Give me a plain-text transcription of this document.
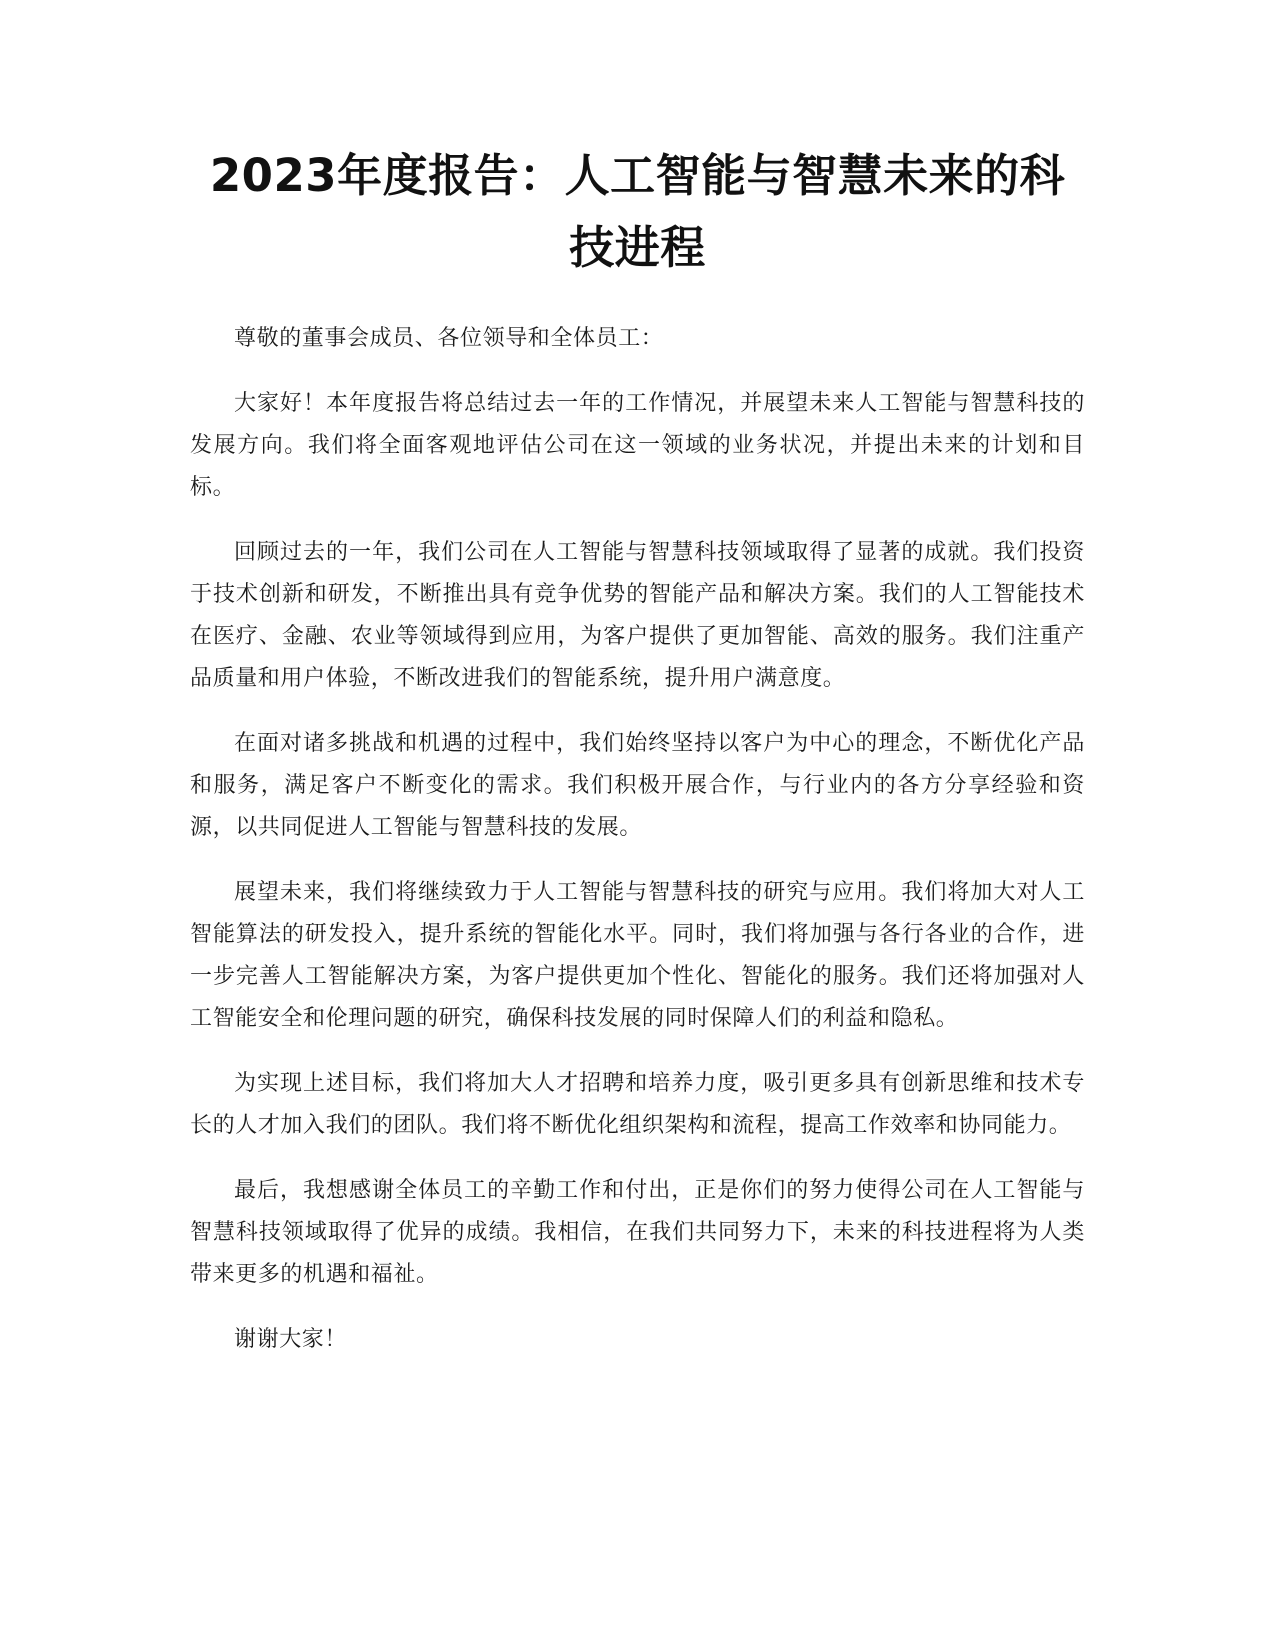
2023年度报告：人工智能与智慧未来的科技进程

尊敬的董事会成员、各位领导和全体员工：

大家好！本年度报告将总结过去一年的工作情况，并展望未来人工智能与智慧科技的发展方向。我们将全面客观地评估公司在这一领域的业务状况，并提出未来的计划和目标。

回顾过去的一年，我们公司在人工智能与智慧科技领域取得了显著的成就。我们投资于技术创新和研发，不断推出具有竞争优势的智能产品和解决方案。我们的人工智能技术在医疗、金融、农业等领域得到应用，为客户提供了更加智能、高效的服务。我们注重产品质量和用户体验，不断改进我们的智能系统，提升用户满意度。

在面对诸多挑战和机遇的过程中，我们始终坚持以客户为中心的理念，不断优化产品和服务，满足客户不断变化的需求。我们积极开展合作，与行业内的各方分享经验和资源，以共同促进人工智能与智慧科技的发展。

展望未来，我们将继续致力于人工智能与智慧科技的研究与应用。我们将加大对人工智能算法的研发投入，提升系统的智能化水平。同时，我们将加强与各行各业的合作，进一步完善人工智能解决方案，为客户提供更加个性化、智能化的服务。我们还将加强对人工智能安全和伦理问题的研究，确保科技发展的同时保障人们的利益和隐私。

为实现上述目标，我们将加大人才招聘和培养力度，吸引更多具有创新思维和技术专长的人才加入我们的团队。我们将不断优化组织架构和流程，提高工作效率和协同能力。

最后，我想感谢全体员工的辛勤工作和付出，正是你们的努力使得公司在人工智能与智慧科技领域取得了优异的成绩。我相信，在我们共同努力下，未来的科技进程将为人类带来更多的机遇和福祉。

谢谢大家！
